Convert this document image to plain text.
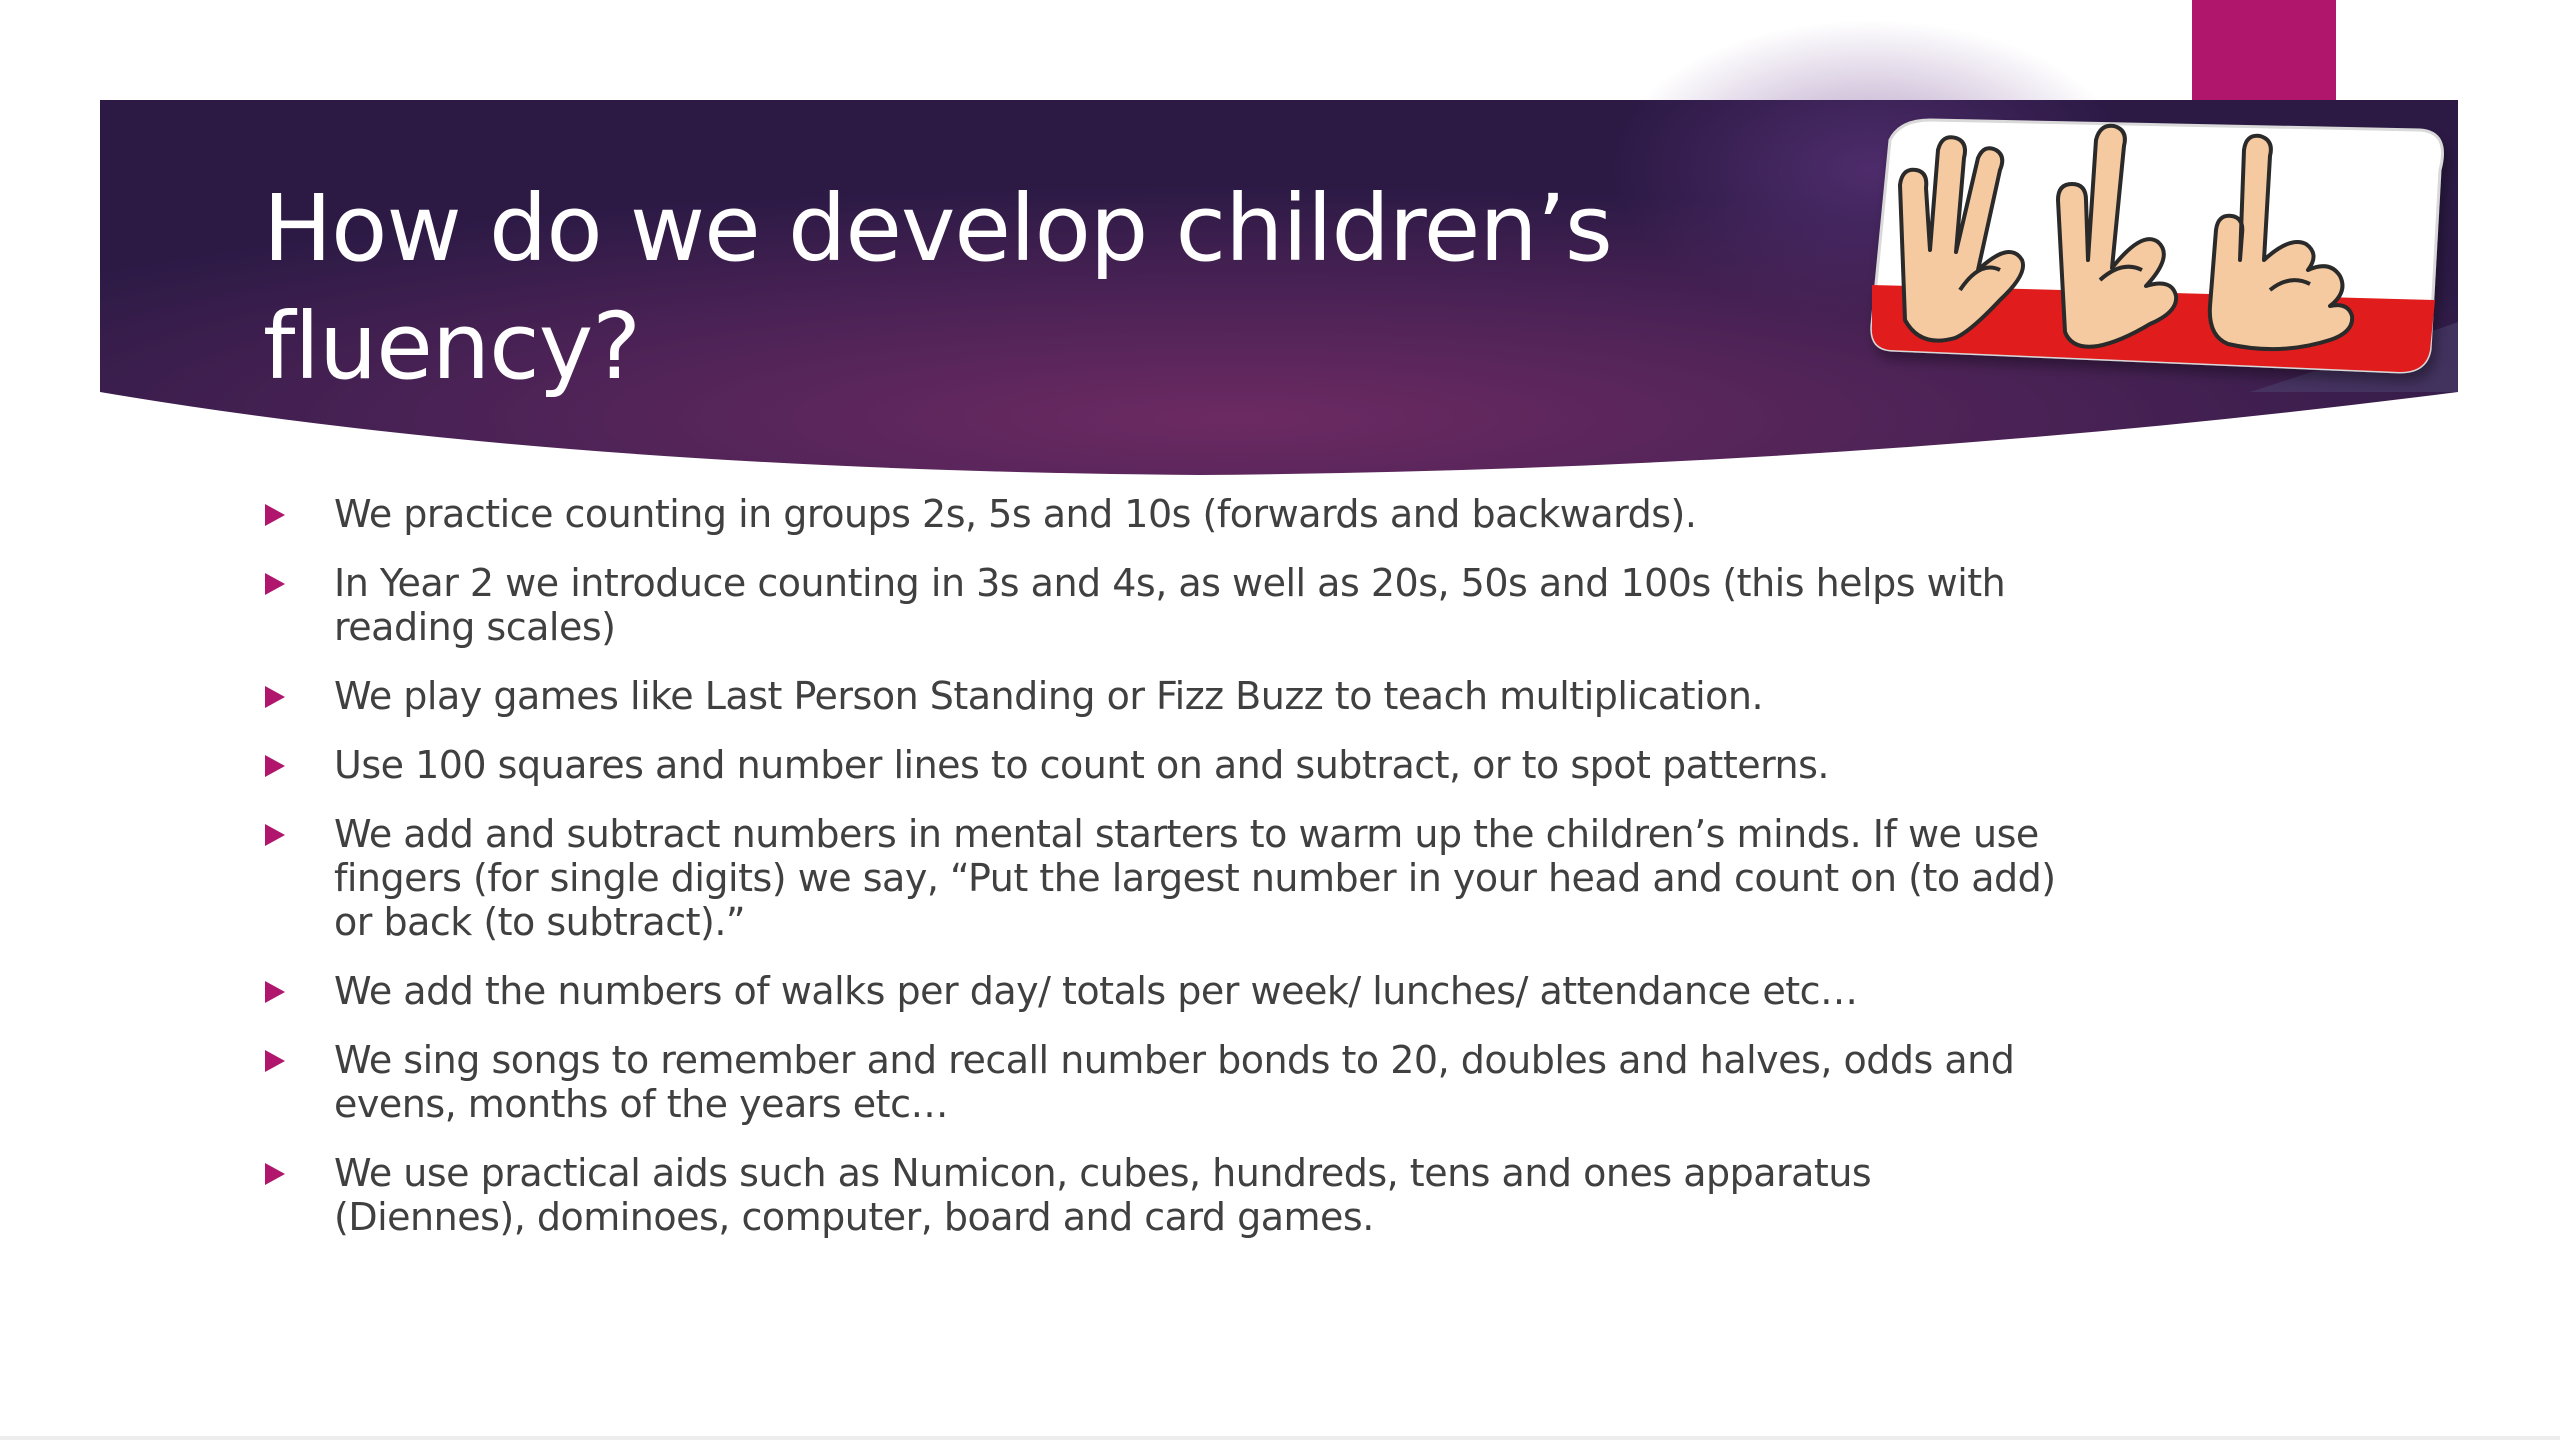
How do we develop children’s fluency?
We practice counting in groups 2s, 5s and 10s (forwards and backwards).
In Year 2 we introduce counting in 3s and 4s, as well as 20s, 50s and 100s (this helps with reading scales)
We play games like Last Person Standing or Fizz Buzz to teach multiplication.
Use 100 squares and number lines to count on and subtract, or to spot patterns.
We add and subtract numbers in mental starters to warm up the children’s minds. If we use fingers (for single digits) we say, “Put the largest number in your head and count on (to add) or back (to subtract).”
We add the numbers of walks per day/ totals per week/ lunches/ attendance etc…
We sing songs to remember and recall number bonds to 20, doubles and halves, odds and evens, months of the years etc…
We use practical aids such as Numicon, cubes, hundreds, tens and ones apparatus (Diennes), dominoes, computer, board and card games.
